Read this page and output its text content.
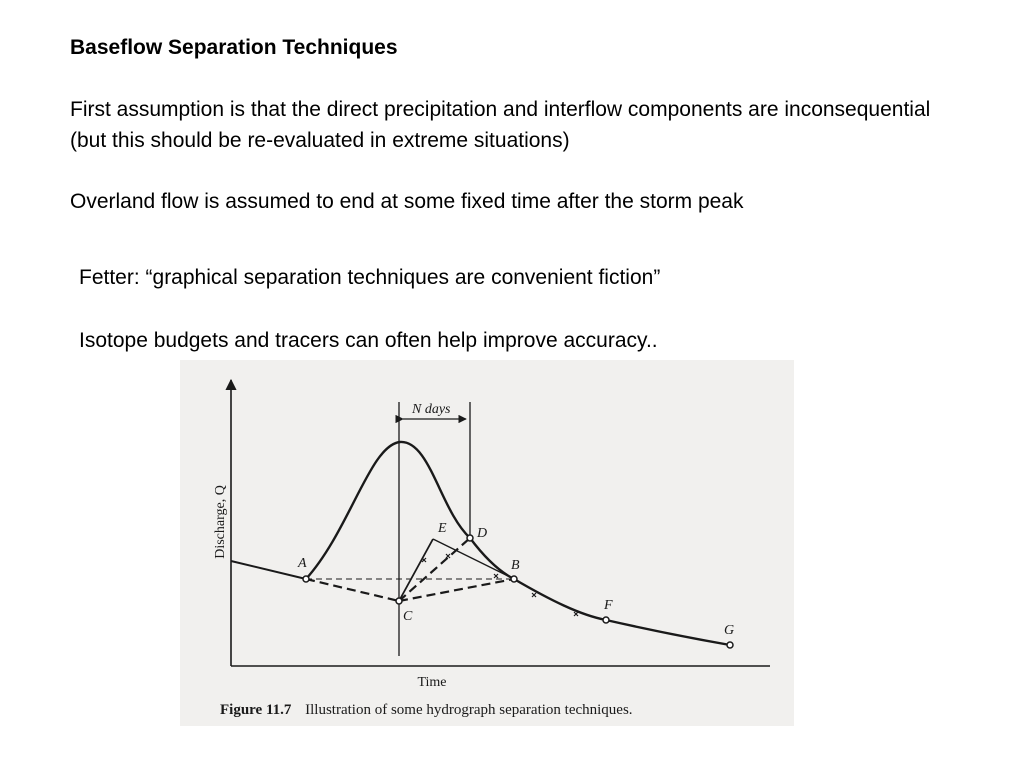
Baseflow Separation Techniques
First assumption is that the direct precipitation and interflow components are inconsequential (but this should be re-evaluated in extreme situations)
Overland flow is assumed to end at some fixed time after the storm peak
Fetter: “graphical separation techniques are convenient fiction”
Isotope budgets and tracers can often help improve accuracy..
N days
A	B
C
D
E
F
G
Discharge, Q
Time
Figure 11.7 Illustration of some hydrograph separation techniques.
